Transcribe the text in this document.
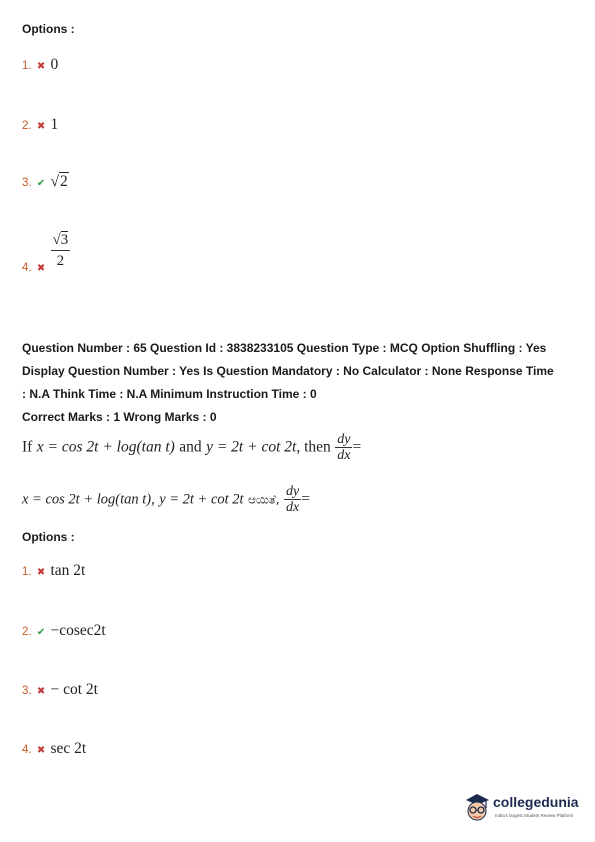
Options :
1. ✖ 0
2. ✖ 1
3. ✔ √2
$_{4.}$ ✖ $\frac{√3}{2}$
Question Number : 65 Question Id : 3838233105 Question Type : MCQ Option Shuffling : Yes
Display Question Number : Yes Is Question Mandatory : No Calculator : None Response Time
: N.A Think Time : N.A Minimum Instruction Time : 0
Correct Marks : 1 Wrong Marks : 0
If x = cos 2t + log(tan t) and y = 2t + cot 2t, then $\frac{dy}{dx}$ =
x = cos 2t + log(tan t), y = 2t + cot 2t ಆಯಿತೆ, $\frac{dy}{dx}$ =
Options :
1. ✖ tan 2t
2. ✔ −cosec2t
3. ✖ − cot 2t
4. ✖ sec 2t
collegedunia
India's largest Student Review Platform
